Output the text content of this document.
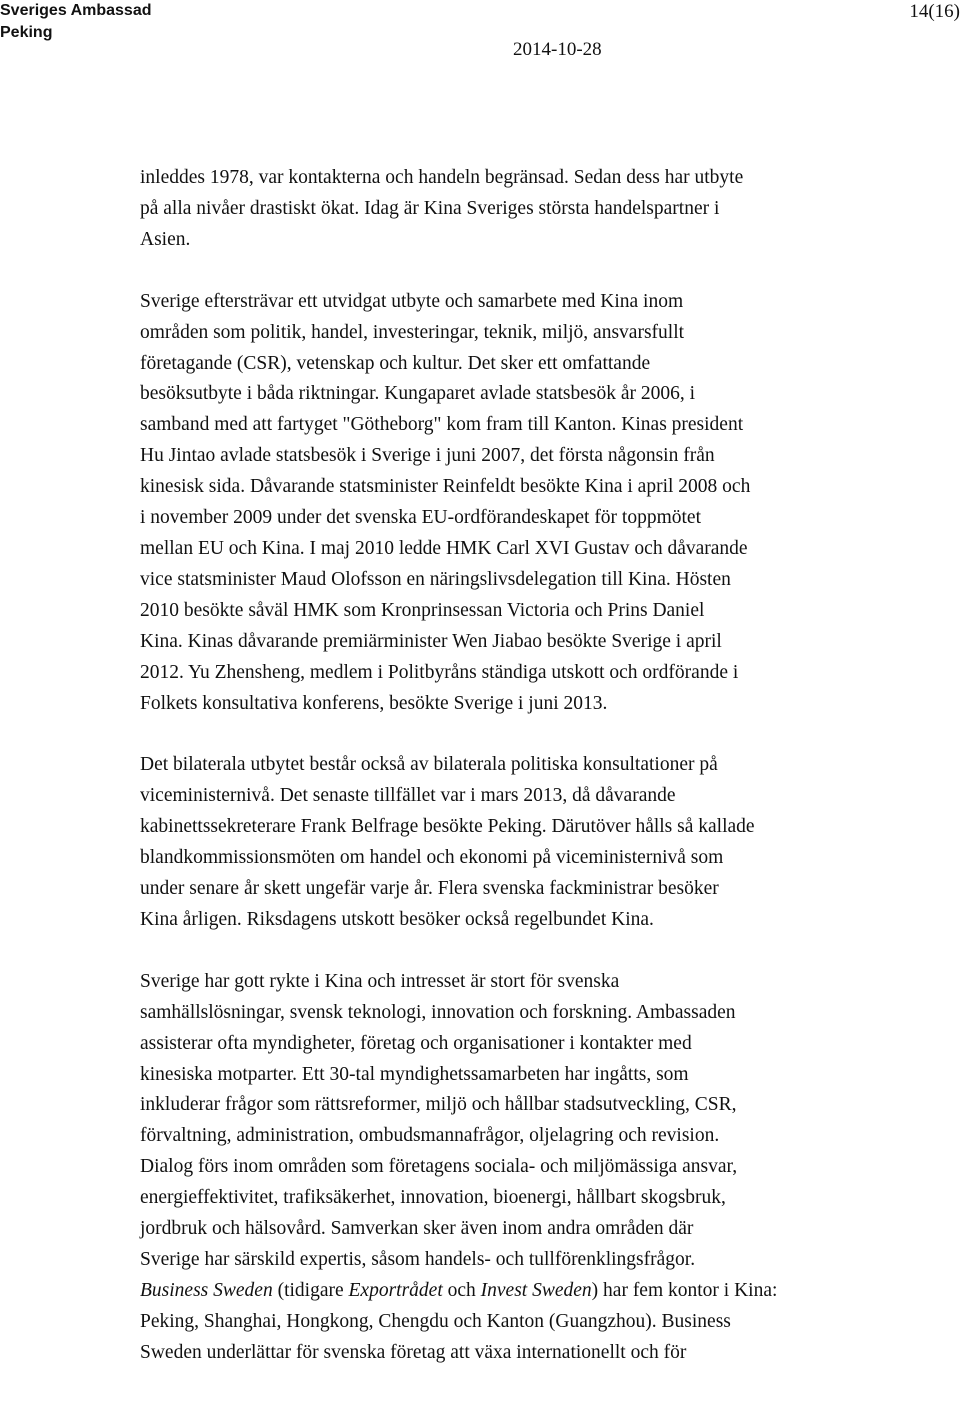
Sveriges Ambassad
Peking
14(16)
2014-10-28

inleddes 1978, var kontakterna och handeln begränsad. Sedan dess har utbyte
på alla nivåer drastiskt ökat. Idag är Kina Sveriges största handelspartner i
Asien.

Sverige eftersträvar ett utvidgat utbyte och samarbete med Kina inom
områden som politik, handel, investeringar, teknik, miljö, ansvarsfullt
företagande (CSR), vetenskap och kultur. Det sker ett omfattande
besöksutbyte i båda riktningar. Kungaparet avlade statsbesök år 2006, i
samband med att fartyget "Götheborg" kom fram till Kanton. Kinas president
Hu Jintao avlade statsbesök i Sverige i juni 2007, det första någonsin från
kinesisk sida. Dåvarande statsminister Reinfeldt besökte Kina i april 2008 och
i november 2009 under det svenska EU-ordförandeskapet för toppmötet
mellan EU och Kina. I maj 2010 ledde HMK Carl XVI Gustav och dåvarande
vice statsminister Maud Olofsson en näringslivsdelegation till Kina. Hösten
2010 besökte såväl HMK som Kronprinsessan Victoria och Prins Daniel
Kina. Kinas dåvarande premiärminister Wen Jiabao besökte Sverige i april
2012. Yu Zhensheng, medlem i Politbyråns ständiga utskott och ordförande i
Folkets konsultativa konferens, besökte Sverige i juni 2013.

Det bilaterala utbytet består också av bilaterala politiska konsultationer på
viceministernivå. Det senaste tillfället var i mars 2013, då dåvarande
kabinettssekreterare Frank Belfrage besökte Peking. Därutöver hålls så kallade
blandkommissionsmöten om handel och ekonomi på viceministernivå som
under senare år skett ungefär varje år. Flera svenska fackministrar besöker
Kina årligen. Riksdagens utskott besöker också regelbundet Kina.

Sverige har gott rykte i Kina och intresset är stort för svenska
samhällslösningar, svensk teknologi, innovation och forskning. Ambassaden
assisterar ofta myndigheter, företag och organisationer i kontakter med
kinesiska motparter. Ett 30-tal myndighetssamarbeten har ingåtts, som
inkluderar frågor som rättsreformer, miljö och hållbar stadsutveckling, CSR,
förvaltning, administration, ombudsmannafrågor, oljelagring och revision.
Dialog förs inom områden som företagens sociala- och miljömässiga ansvar,
energieffektivitet, trafiksäkerhet, innovation, bioenergi, hållbart skogsbruk,
jordbruk och hälsovård. Samverkan sker även inom andra områden där
Sverige har särskild expertis, såsom handels- och tullförenklingsfrågor.

Business Sweden (tidigare Exportrådet och Invest Sweden) har fem kontor i Kina:
Peking, Shanghai, Hongkong, Chengdu och Kanton (Guangzhou). Business
Sweden underlättar för svenska företag att växa internationellt och för
